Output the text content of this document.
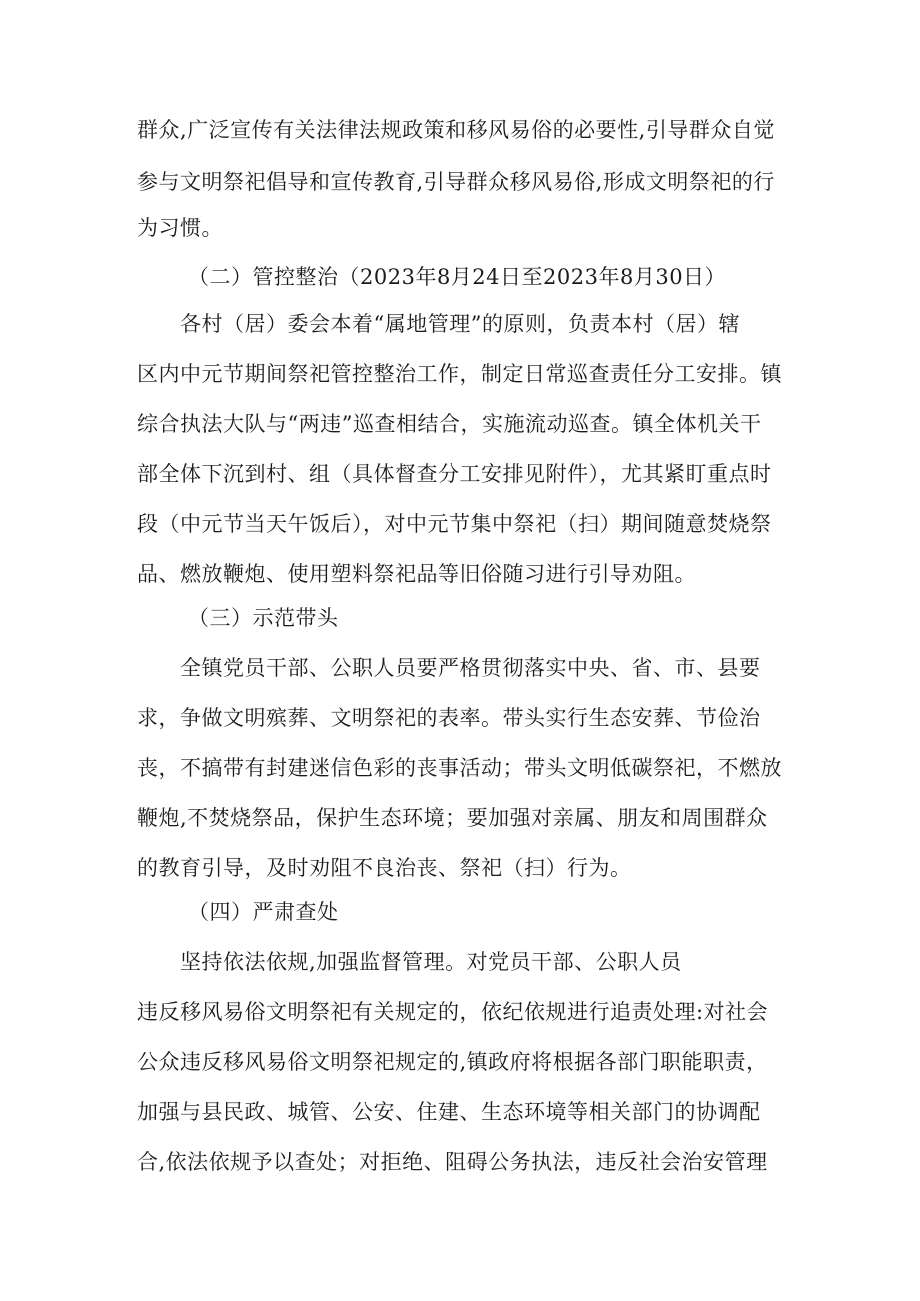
群众,广泛宣传有关法律法规政策和移风易俗的必要性,引导群众自觉
参与文明祭祀倡导和宣传教育,引导群众移风易俗,形成文明祭祀的行
为习惯。
（二）管控整治（2023年8月24日至2023年8月30日）
各村（居）委会本着“属地管理”的原则，负责本村（居）辖
区内中元节期间祭祀管控整治工作，制定日常巡查责任分工安排。镇
综合执法大队与“两违”巡查相结合，实施流动巡查。镇全体机关干
部全体下沉到村、组（具体督查分工安排见附件），尤其紧盯重点时
段（中元节当天午饭后），对中元节集中祭祀（扫）期间随意焚烧祭
品、燃放鞭炮、使用塑料祭祀品等旧俗随习进行引导劝阻。
（三）示范带头
全镇党员干部、公职人员要严格贯彻落实中央、省、市、县要
求，争做文明殡葬、文明祭祀的表率。带头实行生态安葬、节俭治
丧，不搞带有封建迷信色彩的丧事活动；带头文明低碳祭祀，不燃放
鞭炮,不焚烧祭品，保护生态环境；要加强对亲属、朋友和周围群众
的教育引导，及时劝阻不良治丧、祭祀（扫）行为。
（四）严肃查处
坚持依法依规,加强监督管理。对党员干部、公职人员
违反移风易俗文明祭祀有关规定的，依纪依规进行追责处理:对社会
公众违反移风易俗文明祭祀规定的,镇政府将根据各部门职能职责，
加强与县民政、城管、公安、住建、生态环境等相关部门的协调配
合,依法依规予以查处；对拒绝、阻碍公务执法，违反社会治安管理
